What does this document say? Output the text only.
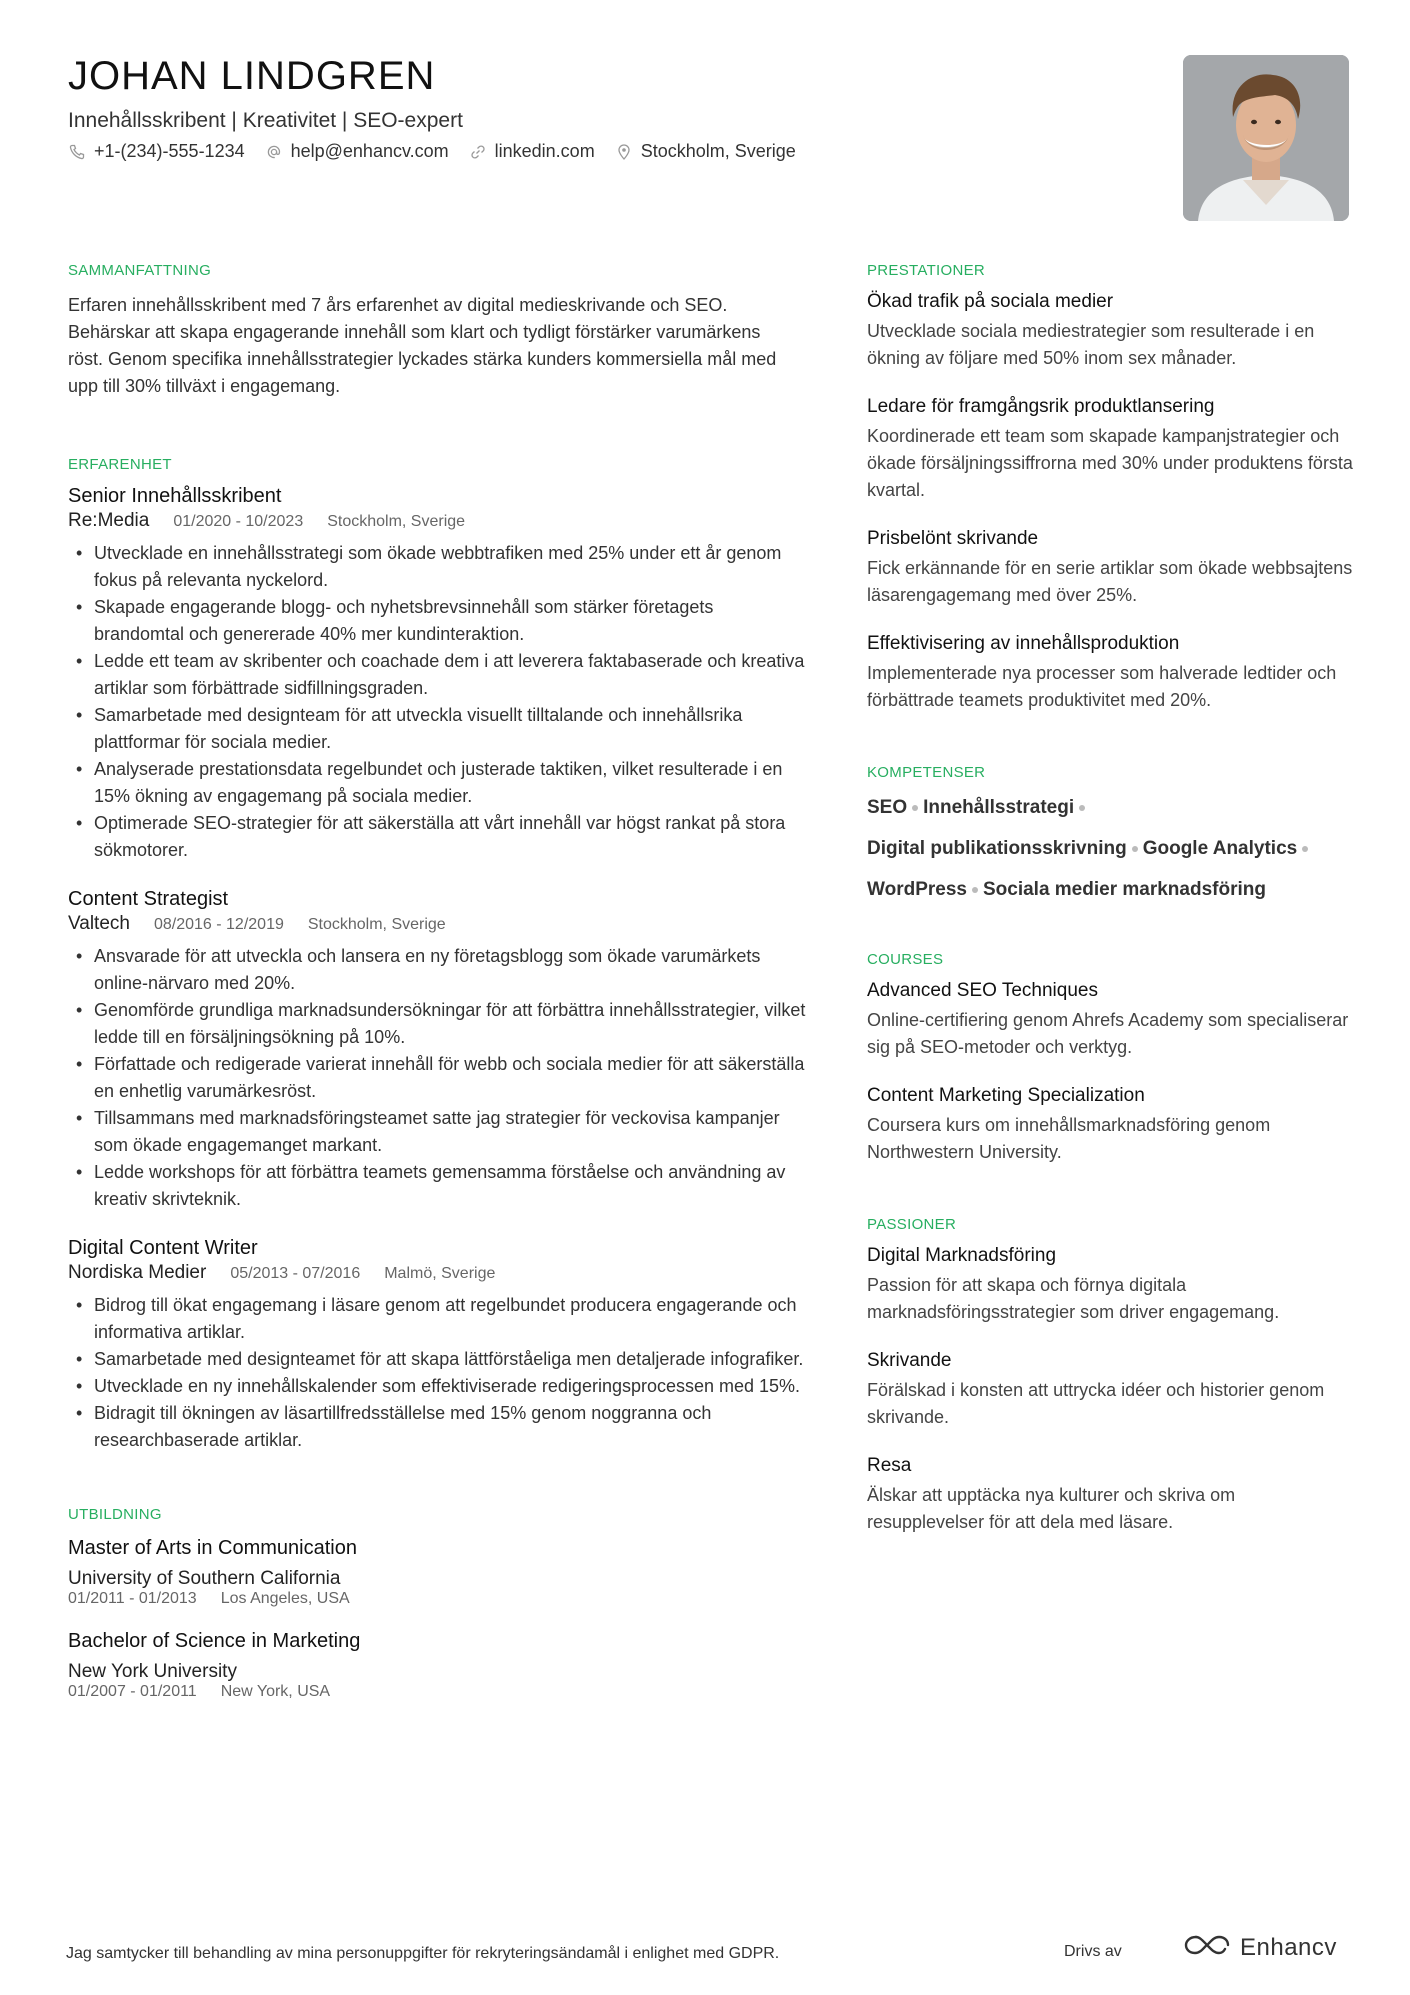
JOHAN LINDGREN
Innehållsskribent | Kreativitet | SEO-expert
+1-(234)-555-1234	help@enhancv.com	linkedin.com	Stockholm, Sverige
SAMMANFATTNING
Erfaren innehållsskribent med 7 års erfarenhet av digital medieskrivande och SEO. Behärskar att skapa engagerande innehåll som klart och tydligt förstärker varumärkens röst. Genom specifika innehållsstrategier lyckades stärka kunders kommersiella mål med upp till 30% tillväxt i engagemang.
ERFARENHET
Senior Innehållsskribent
Re:Media 01/2020 - 10/2023 Stockholm, Sverige
• Utvecklade en innehållsstrategi som ökade webbtrafiken med 25% under ett år genom fokus på relevanta nyckelord.
• Skapade engagerande blogg- och nyhetsbrevsinnehåll som stärker företagets brandomtal och genererade 40% mer kundinteraktion.
• Ledde ett team av skribenter och coachade dem i att leverera faktabaserade och kreativa artiklar som förbättrade sidfillningsgraden.
• Samarbetade med designteam för att utveckla visuellt tilltalande och innehållsrika plattformar för sociala medier.
• Analyserade prestationsdata regelbundet och justerade taktiken, vilket resulterade i en 15% ökning av engagemang på sociala medier.
• Optimerade SEO-strategier för att säkerställa att vårt innehåll var högst rankat på stora sökmotorer.
Content Strategist
Valtech 08/2016 - 12/2019 Stockholm, Sverige
• Ansvarade för att utveckla och lansera en ny företagsblogg som ökade varumärkets online-närvaro med 20%.
• Genomförde grundliga marknadsundersökningar för att förbättra innehållsstrategier, vilket ledde till en försäljningsökning på 10%.
• Författade och redigerade varierat innehåll för webb och sociala medier för att säkerställa en enhetlig varumärkesröst.
• Tillsammans med marknadsföringsteamet satte jag strategier för veckovisa kampanjer som ökade engagemanget markant.
• Ledde workshops för att förbättra teamets gemensamma förståelse och användning av kreativ skrivteknik.
Digital Content Writer
Nordiska Medier 05/2013 - 07/2016 Malmö, Sverige
• Bidrog till ökat engagemang i läsare genom att regelbundet producera engagerande och informativa artiklar.
• Samarbetade med designteamet för att skapa lättförståeliga men detaljerade infografiker.
• Utvecklade en ny innehållskalender som effektiviserade redigeringsprocessen med 15%.
• Bidragit till ökningen av läsartillfredsställelse med 15% genom noggranna och researchbaserade artiklar.
UTBILDNING
Master of Arts in Communication
University of Southern California
01/2011 - 01/2013 Los Angeles, USA
Bachelor of Science in Marketing
New York University
01/2007 - 01/2011 New York, USA
PRESTATIONER
Ökad trafik på sociala medier
Utvecklade sociala mediestrategier som resulterade i en ökning av följare med 50% inom sex månader.
Ledare för framgångsrik produktlansering
Koordinerade ett team som skapade kampanjstrategier och ökade försäljningssiffrorna med 30% under produktens första kvartal.
Prisbelönt skrivande
Fick erkännande för en serie artiklar som ökade webbsajtens läsarengagemang med över 25%.
Effektivisering av innehållsproduktion
Implementerade nya processer som halverade ledtider och förbättrade teamets produktivitet med 20%.
KOMPETENSER
SEO Innehållsstrategi
Digital publikationsskrivning Google Analytics
WordPress Sociala medier marknadsföring
COURSES
Advanced SEO Techniques
Online-certifiering genom Ahrefs Academy som specialiserar sig på SEO-metoder och verktyg.
Content Marketing Specialization
Coursera kurs om innehållsmarknadsföring genom Northwestern University.
PASSIONER
Digital Marknadsföring
Passion för att skapa och förnya digitala marknadsföringsstrategier som driver engagemang.
Skrivande
Förälskad i konsten att uttrycka idéer och historier genom skrivande.
Resa
Älskar att upptäcka nya kulturer och skriva om resupplevelser för att dela med läsare.
Jag samtycker till behandling av mina personuppgifter för rekryteringsändamål i enlighet med GDPR.	Drivs av	Enhancv
